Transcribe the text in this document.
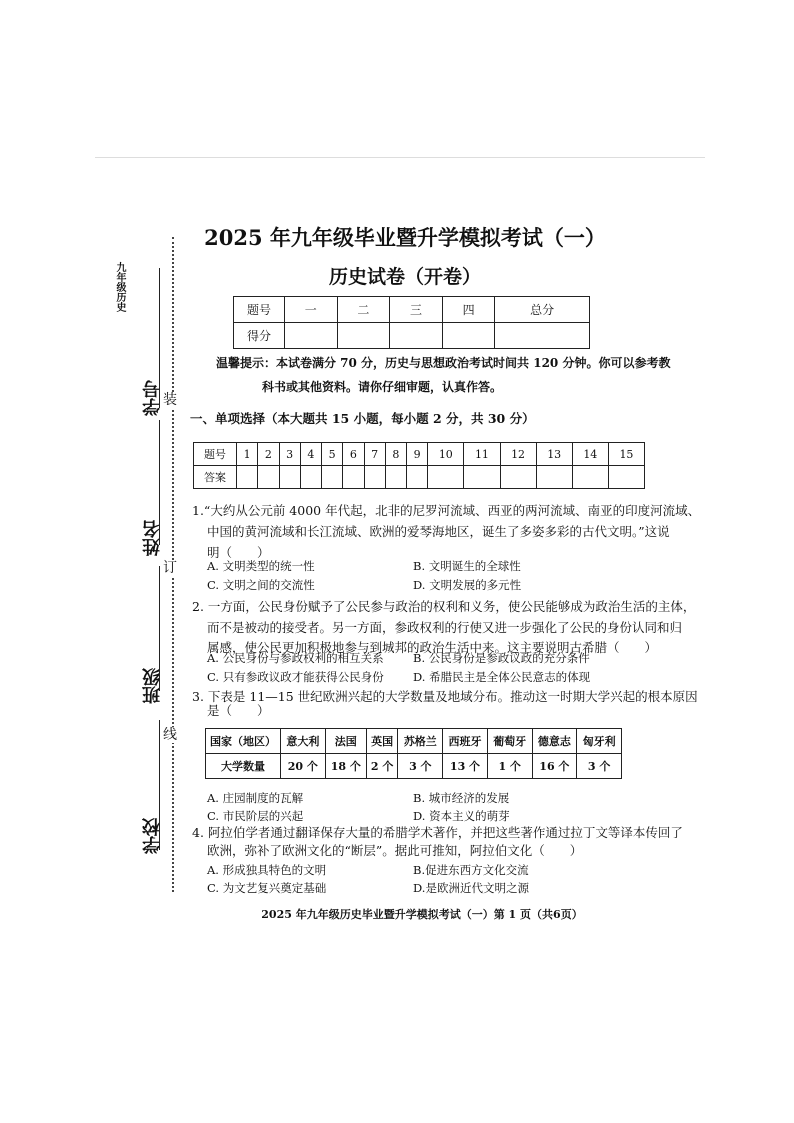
九年级历史
装
订
线
学号
姓名
班级
学校
2025 年九年级毕业暨升学模拟考试（一）
历史试卷（开卷）
题号	一	二	三	四	总分
得分					
温馨提示：本试卷满分 70 分，历史与思想政治考试时间共 120 分钟。你可以参考教
科书或其他资料。请你仔细审题，认真作答。
一、单项选择（本大题共 15 小题，每小题 2 分，共 30 分）
题号	1	2	3	4	5	6	7	8	9	10	11	12	13	14	15
答案															
1.“大约从公元前 4000 年代起，北非的尼罗河流域、西亚的两河流域、南亚的印度河流域、
中国的黄河流域和长江流域、欧洲的爱琴海地区，诞生了多姿多彩的古代文明。”这说
明（　　）
A. 文明类型的统一性	B. 文明诞生的全球性
C. 文明之间的交流性	D. 文明发展的多元性
2. 一方面，公民身份赋予了公民参与政治的权利和义务，使公民能够成为政治生活的主体，
而不是被动的接受者。另一方面，参政权利的行使又进一步强化了公民的身份认同和归
属感，使公民更加积极地参与到城邦的政治生活中来。这主要说明古希腊（　　）
A. 公民身份与参政权利的相互关系	B. 公民身份是参政议政的充分条件
C. 只有参政议政才能获得公民身份	D. 希腊民主是全体公民意志的体现
3. 下表是 11—15 世纪欧洲兴起的大学数量及地域分布。推动这一时期大学兴起的根本原因
是（　　）
国家（地区）	意大利	法国	英国	苏格兰	西班牙	葡萄牙	德意志	匈牙利
大学数量	20 个	18 个	2 个	3 个	13 个	1 个	16 个	3 个
A. 庄园制度的瓦解	B. 城市经济的发展
C. 市民阶层的兴起	D. 资本主义的萌芽
4. 阿拉伯学者通过翻译保存大量的希腊学术著作，并把这些著作通过拉丁文等译本传回了
欧洲，弥补了欧洲文化的“断层”。据此可推知，阿拉伯文化（　　）
A. 形成独具特色的文明	B.促进东西方文化交流
C. 为文艺复兴奠定基础	D.是欧洲近代文明之源
2025 年九年级历史毕业暨升学模拟考试（一）第 1 页（共6页）
